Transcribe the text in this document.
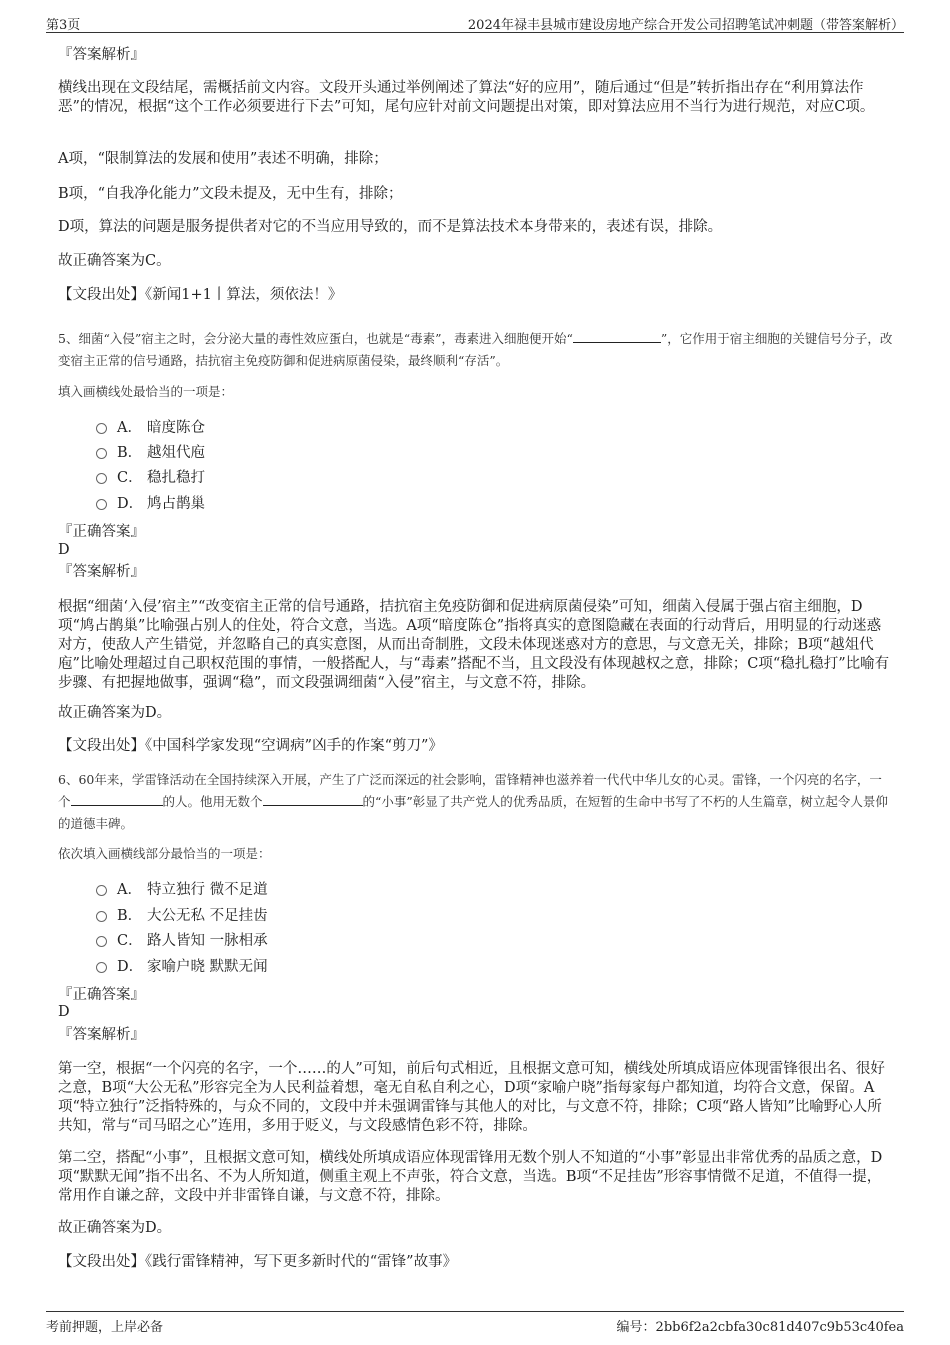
第3页	2024年禄丰县城市建设房地产综合开发公司招聘笔试冲刺题（带答案解析）
『答案解析』

横线出现在文段结尾，需概括前文内容。文段开头通过举例阐述了算法“好的应用”，随后通过“但是”转折指出存在“利用算法作恶”的情况，根据“这个工作必须要进行下去”可知，尾句应针对前文问题提出对策，即对算法应用不当行为进行规范，对应C项。

A项，“限制算法的发展和使用”表述不明确，排除；

B项，“自我净化能力”文段未提及，无中生有，排除；

D项，算法的问题是服务提供者对它的不当应用导致的，而不是算法技术本身带来的，表述有误，排除。

故正确答案为C。

【文段出处】《新闻1+1丨算法，须依法！》

5、细菌“入侵”宿主之时，会分泌大量的毒性效应蛋白，也就是“毒素”，毒素进入细胞便开始“	”，它作用于宿主细胞的关键信号分子，改变宿主正常的信号通路，拮抗宿主免疫防御和促进病原菌侵染，最终顺利“存活”。

填入画横线处最恰当的一项是：

A． 暗度陈仓
B． 越俎代庖
C． 稳扎稳打
D． 鸠占鹊巢
『正确答案』
D
『答案解析』

根据“细菌‘入侵’宿主”“改变宿主正常的信号通路，拮抗宿主免疫防御和促进病原菌侵染”可知，细菌入侵属于强占宿主细胞，D项“鸠占鹊巢”比喻强占别人的住处，符合文意，当选。A项“暗度陈仓”指将真实的意图隐藏在表面的行动背后，用明显的行动迷惑对方，使敌人产生错觉，并忽略自己的真实意图，从而出奇制胜，文段未体现迷惑对方的意思，与文意无关，排除；B项“越俎代庖”比喻处理超过自己职权范围的事情，一般搭配人，与“毒素”搭配不当，且文段没有体现越权之意，排除；C项“稳扎稳打”比喻有步骤、有把握地做事，强调“稳”，而文段强调细菌“入侵”宿主，与文意不符，排除。

故正确答案为D。

【文段出处】《中国科学家发现“空调病”凶手的作案“剪刀”》

6、60年来，学雷锋活动在全国持续深入开展，产生了广泛而深远的社会影响，雷锋精神也滋养着一代代中华儿女的心灵。雷锋，一个闪亮的名字，一个	的人。他用无数个	的“小事”彰显了共产党人的优秀品质，在短暂的生命中书写了不朽的人生篇章，树立起令人景仰的道德丰碑。

依次填入画横线部分最恰当的一项是：

A． 特立独行 微不足道
B． 大公无私 不足挂齿
C． 路人皆知 一脉相承
D． 家喻户晓 默默无闻
『正确答案』
D
『答案解析』

第一空，根据“一个闪亮的名字，一个……的人”可知，前后句式相近，且根据文意可知，横线处所填成语应体现雷锋很出名、很好之意，B项“大公无私”形容完全为人民利益着想，毫无自私自利之心，D项“家喻户晓”指每家每户都知道，均符合文意，保留。A项“特立独行”泛指特殊的，与众不同的，文段中并未强调雷锋与其他人的对比，与文意不符，排除；C项“路人皆知”比喻野心人所共知，常与“司马昭之心”连用，多用于贬义，与文段感情色彩不符，排除。

第二空，搭配“小事”，且根据文意可知，横线处所填成语应体现雷锋用无数个别人不知道的“小事”彰显出非常优秀的品质之意，D项“默默无闻”指不出名、不为人所知道，侧重主观上不声张，符合文意，当选。B项“不足挂齿”形容事情微不足道，不值得一提，常用作自谦之辞，文段中并非雷锋自谦，与文意不符，排除。

故正确答案为D。

【文段出处】《践行雷锋精神，写下更多新时代的“雷锋”故事》

考前押题，上岸必备	编号：2bb6f2a2cbfa30c81d407c9b53c40fea
